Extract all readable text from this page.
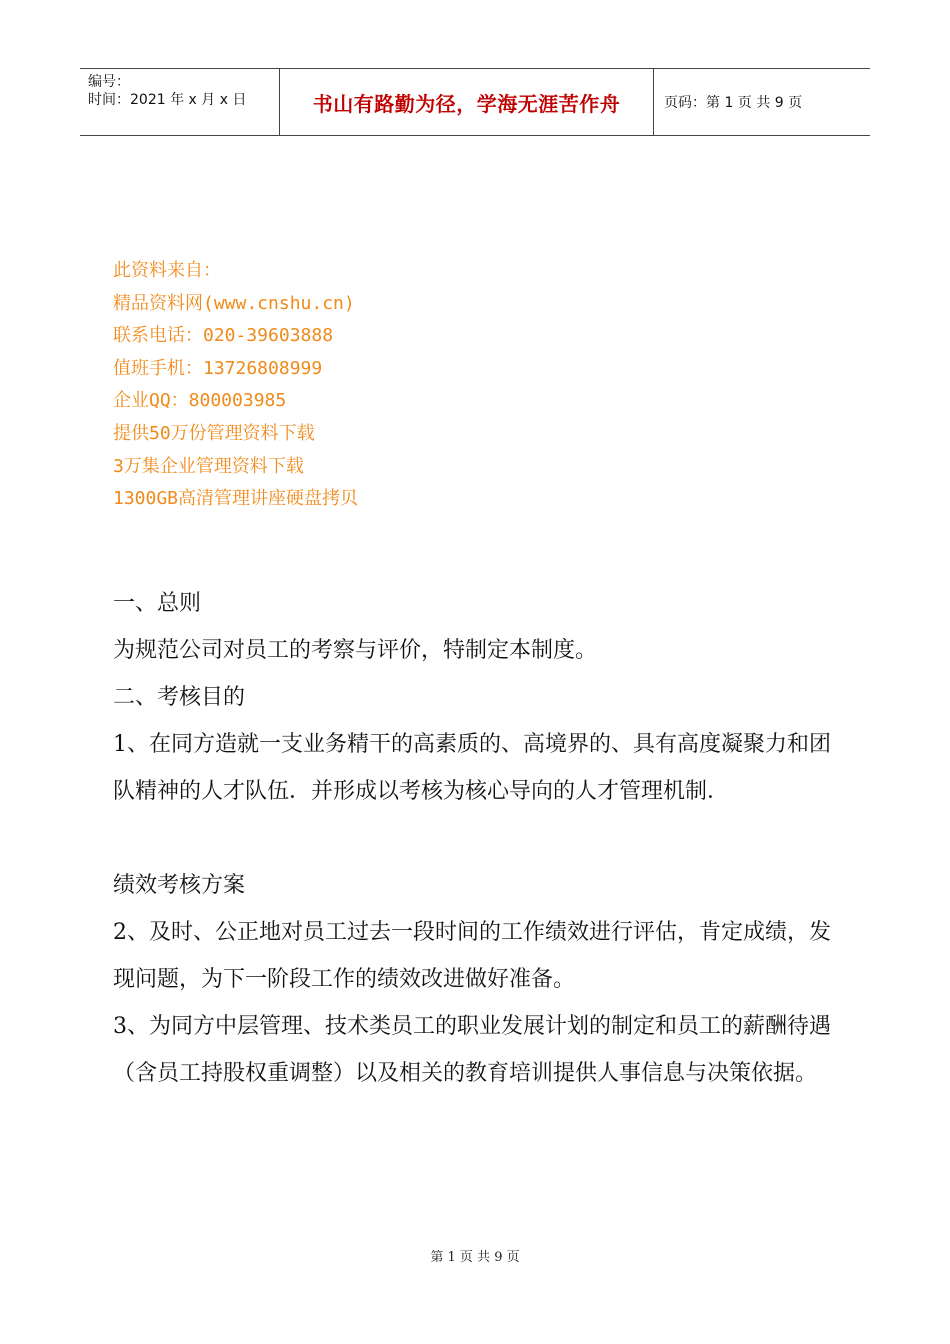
编号：
时间：2021 年 x 月 x 日	书山有路勤为径，学海无涯苦作舟	页码：第 1 页 共 9 页
此资料来自：
精品资料网(www.cnshu.cn)
联系电话：020-39603888
值班手机：13726808999
企业QQ：800003985
提供50万份管理资料下载
3万集企业管理资料下载
1300GB高清管理讲座硬盘拷贝

一、总则

为规范公司对员工的考察与评价，特制定本制度。

二、考核目的

1、在同方造就一支业务精干的高素质的、高境界的、具有高度凝聚力和团队精神的人才队伍．并形成以考核为核心导向的人才管理机制．

绩效考核方案

2、及时、公正地对员工过去一段时间的工作绩效进行评估，肯定成绩，发现问题，为下一阶段工作的绩效改进做好准备。

3、为同方中层管理、技术类员工的职业发展计划的制定和员工的薪酬待遇（含员工持股权重调整）以及相关的教育培训提供人事信息与决策依据。

第 1 页 共 9 页
